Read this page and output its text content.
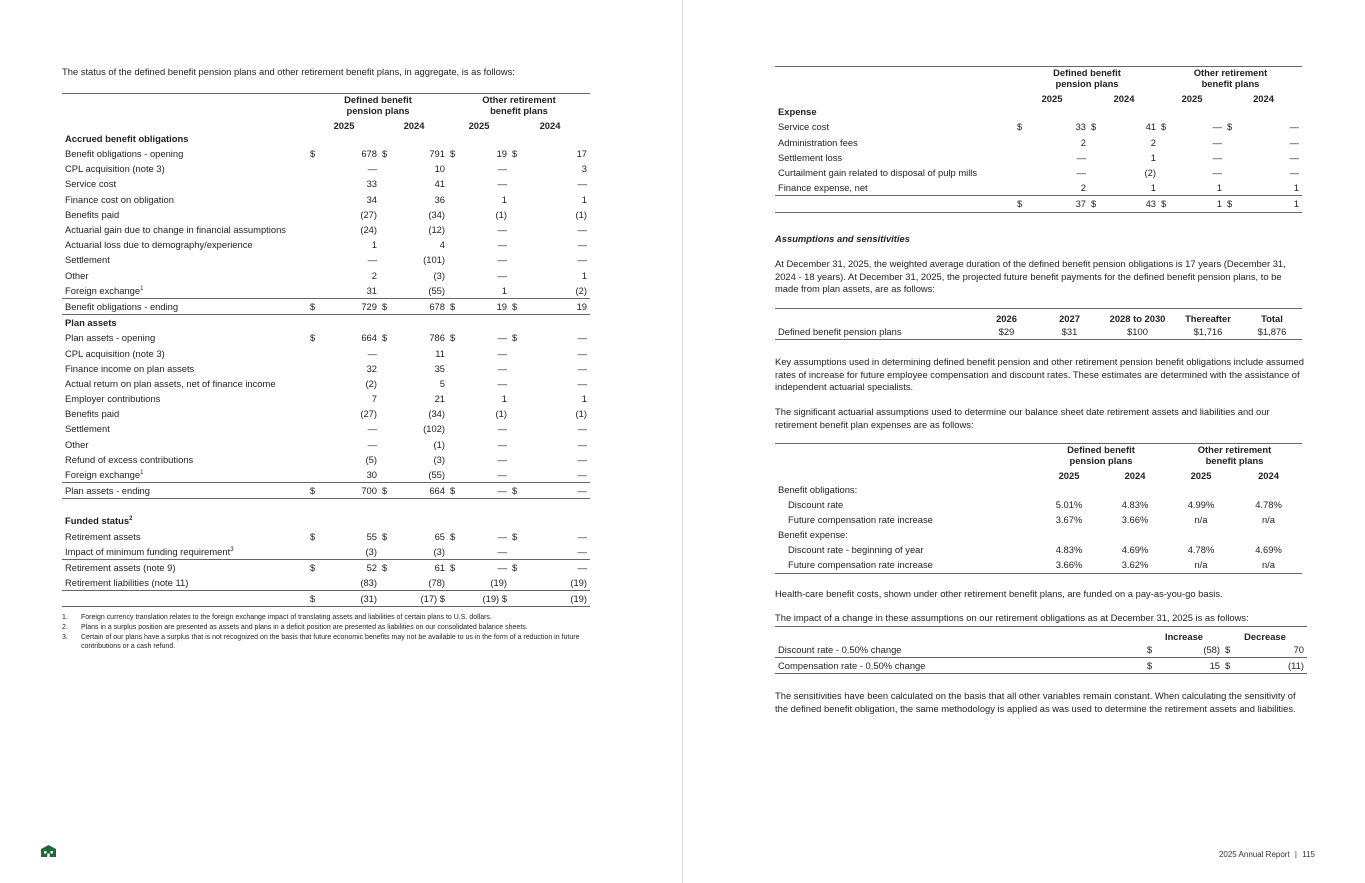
The status of the defined benefit pension plans and other retirement benefit plans, in aggregate, is as follows:

	Defined benefit pension plans				Other retirement benefit plans			
	2025		2024		2025		2024	
Accrued benefit obligations								
Benefit obligations - opening	$	678	$	791	$	19	$	17
CPL acquisition (note 3)		—		10		—		3
Service cost		33		41		—		—
Finance cost on obligation		34		36		1		1
Benefits paid		(27)		(34)		(1)		(1)
Actuarial gain due to change in financial assumptions		(24)		(12)		—		—
Actuarial loss due to demography/experience		1		4		—		—
Settlement		—		(101)		—		—
Other		2		(3)		—		1
Foreign exchange$^1$		31		(55)		1		(2)
Benefit obligations - ending	$	729	$	678	$	19	$	19
Plan assets								
Plan assets - opening	$	664	$	786	$	—	$	—
CPL acquisition (note 3)		—		11		—		—
Finance income on plan assets		32		35		—		—
Actual return on plan assets, net of finance income		(2)		5		—		—
Employer contributions		7		21		1		1
Benefits paid		(27)		(34)		(1)		(1)
Settlement		—		(102)		—		—
Other		—		(1)		—		—
Refund of excess contributions		(5)		(3)		—		—
Foreign exchange$^1$		30		(55)		—		—
Plan assets - ending	$	700	$	664	$	—	$	—

Funded status$^2$
Retirement assets	$	55	$	65	$	—	$	—
Impact of minimum funding requirement$^3$		(3)		(3)		—		—
Retirement assets (note 9)	$	52	$	61	$	—	$	—
Retirement liabilities (note 11)		(83)		(78)		(19)		(19)
	$	(31)		(17) $		(19) $		(19)
1.	Foreign currency translation relates to the foreign exchange impact of translating assets and liabilities of certain plans to U.S. dollars.
2.	Plans in a surplus position are presented as assets and plans in a deficit position are presented as liabilities on our consolidated balance sheets.
3.	Certain of our plans have a surplus that is not recognized on the basis that future economic benefits may not be available to us in the form of a reduction in future contributions or a cash refund.
	Defined benefit pension plans				Other retirement benefit plans			
	2025		2024		2025		2024	
Expense								
Service cost	$	33	$	41	$	—	$	—
Administration fees		2		2		—		—
Settlement loss		—		1		—		—
Curtailment gain related to disposal of pulp mills		—		(2)		—		—
Finance expense, net		2		1		1		1
	$	37	$	43	$	1	$	1

Assumptions and sensitivities

At December 31, 2025, the weighted average duration of the defined benefit pension obligations is 17 years (December 31, 2024 - 18 years). At December 31, 2025, the projected future benefit payments for the defined benefit pension plans, to be made from plan assets, are as follows:

	2026	2027	2028 to 2030	Thereafter	Total
Defined benefit pension plans	$29	$31	$100	$1,716	$1,876

Key assumptions used in determining defined benefit pension and other retirement pension benefit obligations include assumed rates of increase for future employee compensation and discount rates. These estimates are determined with the assistance of independent actuarial specialists.

The significant actuarial assumptions used to determine our balance sheet date retirement assets and liabilities and our retirement benefit plan expenses are as follows:

	Defined benefit pension plans		Other retirement benefit plans	
	2025	2024	2025	2024
Benefit obligations:				
Discount rate	5.01%	4.83%	4.99%	4.78%
Future compensation rate increase	3.67%	3.66%	n/a	n/a
Benefit expense:				
Discount rate - beginning of year	4.83%	4.69%	4.78%	4.69%
Future compensation rate increase	3.66%	3.62%	n/a	n/a

Health-care benefit costs, shown under other retirement benefit plans, are funded on a pay-as-you-go basis.

The impact of a change in these assumptions on our retirement obligations as at December 31, 2025 is as follows:

	Increase		Decrease	
Discount rate - 0.50% change	$	(58)	$	70
Compensation rate - 0.50% change	$	15	$	(11)

The sensitivities have been calculated on the basis that all other variables remain constant. When calculating the sensitivity of the defined benefit obligation, the same methodology is applied as was used to determine the retirement assets and liabilities.

2025 Annual Report | 115
